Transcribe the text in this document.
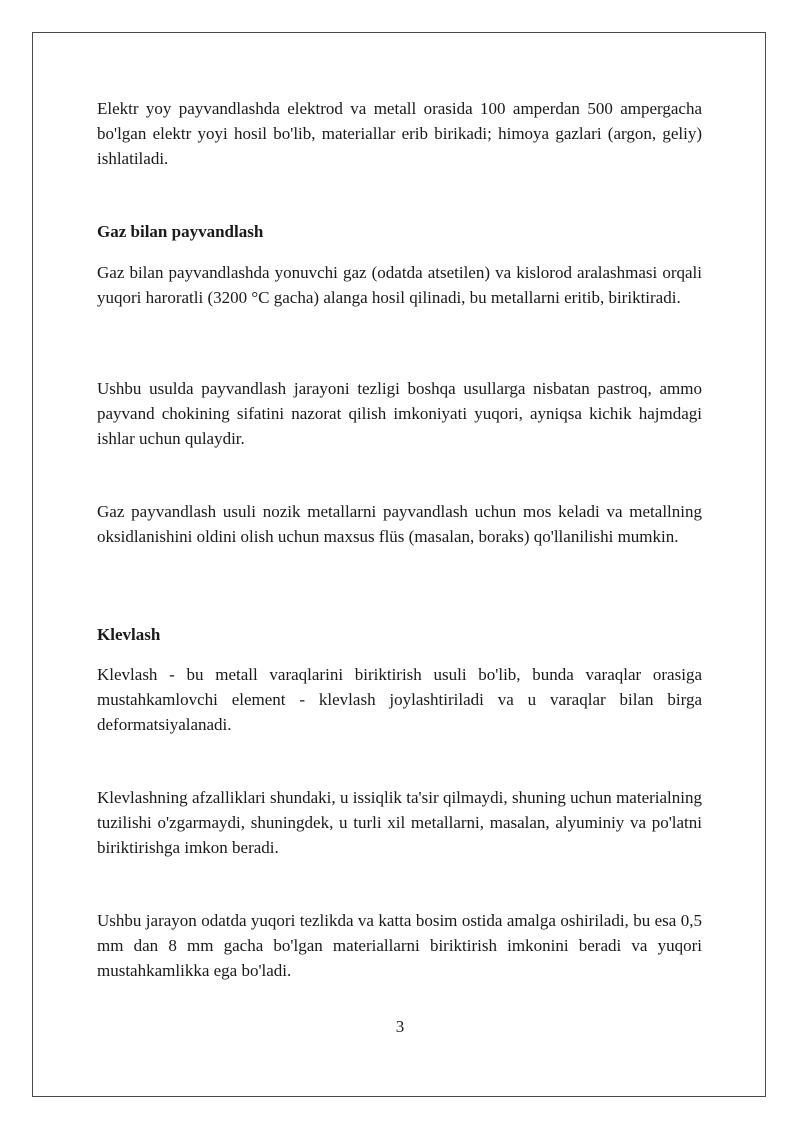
Elektr yoy payvandlashda elektrod va metall orasida 100 amperdan 500 ampergacha bo'lgan elektr yoyi hosil bo'lib, materiallar erib birikadi; himoya gazlari (argon, geliy) ishlatiladi.

Gaz bilan payvandlash

Gaz bilan payvandlashda yonuvchi gaz (odatda atsetilen) va kislorod aralashmasi orqali yuqori haroratli (3200 °C gacha) alanga hosil qilinadi, bu metallarni eritib, biriktiradi.

Ushbu usulda payvandlash jarayoni tezligi boshqa usullarga nisbatan pastroq, ammo payvand chokining sifatini nazorat qilish imkoniyati yuqori, ayniqsa kichik hajmdagi ishlar uchun qulaydir.

Gaz payvandlash usuli nozik metallarni payvandlash uchun mos keladi va metallning oksidlanishini oldini olish uchun maxsus flüs (masalan, boraks) qo'llanilishi mumkin.

Klevlash

Klevlash - bu metall varaqlarini biriktirish usuli bo'lib, bunda varaqlar orasiga mustahkamlovchi element - klevlash joylashtiriladi va u varaqlar bilan birga deformatsiyalanadi.

Klevlashning afzalliklari shundaki, u issiqlik ta'sir qilmaydi, shuning uchun materialning tuzilishi o'zgarmaydi, shuningdek, u turli xil metallarni, masalan, alyuminiy va po'latni biriktirishga imkon beradi.

Ushbu jarayon odatda yuqori tezlikda va katta bosim ostida amalga oshiriladi, bu esa 0,5 mm dan 8 mm gacha bo'lgan materiallarni biriktirish imkonini beradi va yuqori mustahkamlikka ega bo'ladi.

3
